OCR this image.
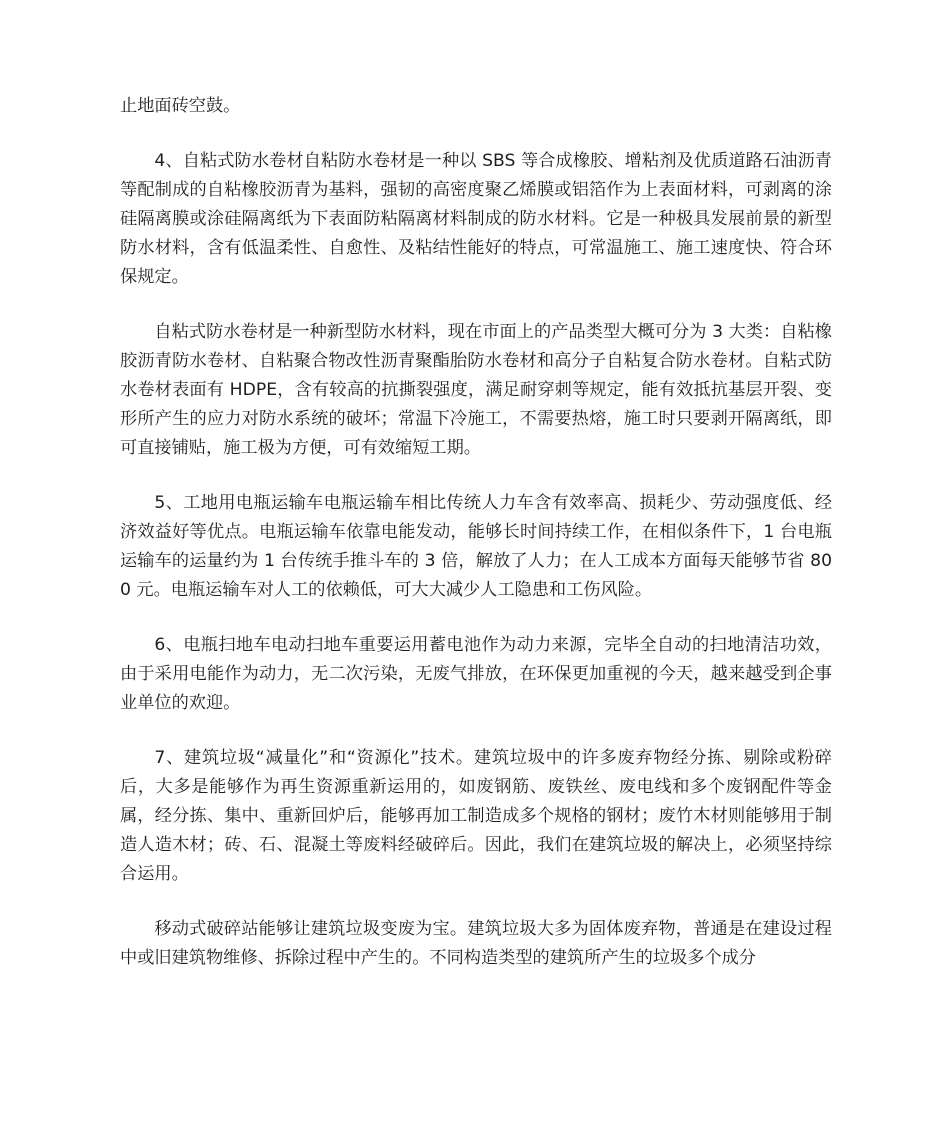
止地面砖空鼓。

4、自粘式防水卷材自粘防水卷材是一种以 SBS 等合成橡胶、增粘剂及优质道路石油沥青等配制成的自粘橡胶沥青为基料，强韧的高密度聚乙烯膜或铝箔作为上表面材料，可剥离的涂硅隔离膜或涂硅隔离纸为下表面防粘隔离材料制成的防水材料。它是一种极具发展前景的新型防水材料，含有低温柔性、自愈性、及粘结性能好的特点，可常温施工、施工速度快、符合环保规定。

自粘式防水卷材是一种新型防水材料，现在市面上的产品类型大概可分为 3 大类：自粘橡胶沥青防水卷材、自粘聚合物改性沥青聚酯胎防水卷材和高分子自粘复合防水卷材。自粘式防水卷材表面有 HDPE，含有较高的抗撕裂强度，满足耐穿刺等规定，能有效抵抗基层开裂、变形所产生的应力对防水系统的破坏；常温下冷施工，不需要热熔，施工时只要剥开隔离纸，即可直接铺贴，施工极为方便，可有效缩短工期。

5、工地用电瓶运输车电瓶运输车相比传统人力车含有效率高、损耗少、劳动强度低、经济效益好等优点。电瓶运输车依靠电能发动，能够长时间持续工作，在相似条件下，1 台电瓶运输车的运量约为 1 台传统手推斗车的 3 倍，解放了人力；在人工成本方面每天能够节省 800 元。电瓶运输车对人工的依赖低，可大大减少人工隐患和工伤风险。

6、电瓶扫地车电动扫地车重要运用蓄电池作为动力来源，完毕全自动的扫地清洁功效，由于采用电能作为动力，无二次污染，无废气排放，在环保更加重视的今天，越来越受到企事业单位的欢迎。

7、建筑垃圾“减量化”和“资源化”技术。建筑垃圾中的许多废弃物经分拣、剔除或粉碎后，大多是能够作为再生资源重新运用的，如废钢筋、废铁丝、废电线和多个废钢配件等金属，经分拣、集中、重新回炉后，能够再加工制造成多个规格的钢材；废竹木材则能够用于制造人造木材；砖、石、混凝土等废料经破碎后。因此，我们在建筑垃圾的解决上，必须坚持综合运用。

移动式破碎站能够让建筑垃圾变废为宝。建筑垃圾大多为固体废弃物，普通是在建设过程中或旧建筑物维修、拆除过程中产生的。不同构造类型的建筑所产生的垃圾多个成分
